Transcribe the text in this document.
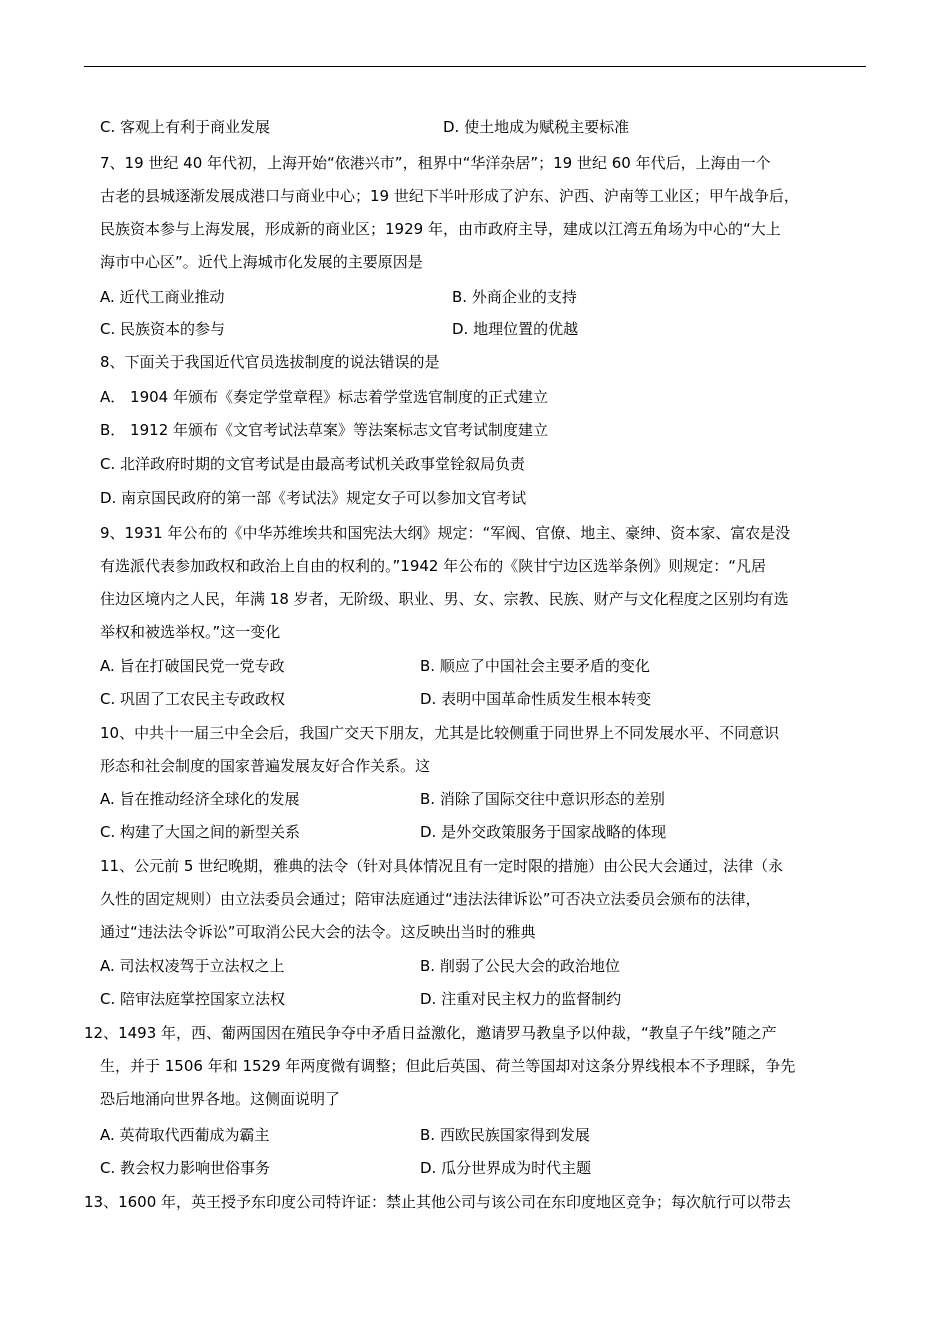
C. 客观上有利于商业发展	D. 使土地成为赋税主要标准
7、19 世纪 40 年代初，上海开始“依港兴市”，租界中“华洋杂居”；19 世纪 60 年代后，上海由一个
古老的县城逐渐发展成港口与商业中心；19 世纪下半叶形成了沪东、沪西、沪南等工业区；甲午战争后，
民族资本参与上海发展，形成新的商业区；1929 年，由市政府主导，建成以江湾五角场为中心的“大上
海市中心区”。近代上海城市化发展的主要原因是
A. 近代工商业推动	B. 外商企业的支持
C. 民族资本的参与	D. 地理位置的优越
8、下面关于我国近代官员选拔制度的说法错误的是
A． 1904 年颁布《奏定学堂章程》标志着学堂选官制度的正式建立
B． 1912 年颁布《文官考试法草案》等法案标志文官考试制度建立
C. 北洋政府时期的文官考试是由最高考试机关政事堂铨叙局负责
D. 南京国民政府的第一部《考试法》规定女子可以参加文官考试
9、1931 年公布的《中华苏维埃共和国宪法大纲》规定：“军阀、官僚、地主、豪绅、资本家、富农是没
有选派代表参加政权和政治上自由的权利的。”1942 年公布的《陕甘宁边区选举条例》则规定：“凡居
住边区境内之人民，年满 18 岁者，无阶级、职业、男、女、宗教、民族、财产与文化程度之区别均有选
举权和被选举权。”这一变化
A. 旨在打破国民党一党专政	B. 顺应了中国社会主要矛盾的变化
C. 巩固了工农民主专政政权	D. 表明中国革命性质发生根本转变
10、中共十一届三中全会后，我国广交天下朋友，尤其是比较侧重于同世界上不同发展水平、不同意识
形态和社会制度的国家普遍发展友好合作关系。这
A. 旨在推动经济全球化的发展	B. 消除了国际交往中意识形态的差别
C. 构建了大国之间的新型关系	D. 是外交政策服务于国家战略的体现
11、公元前 5 世纪晚期，雅典的法令（针对具体情况且有一定时限的措施）由公民大会通过，法律（永
久性的固定规则）由立法委员会通过；陪审法庭通过“违法法律诉讼”可否决立法委员会颁布的法律，
通过“违法法令诉讼”可取消公民大会的法令。这反映出当时的雅典
A. 司法权凌驾于立法权之上	B. 削弱了公民大会的政治地位
C. 陪审法庭掌控国家立法权	D. 注重对民主权力的监督制约
12、1493 年，西、葡两国因在殖民争夺中矛盾日益激化，邀请罗马教皇予以仲裁，“教皇子午线”随之产
生，并于 1506 年和 1529 年两度微有调整；但此后英国、荷兰等国却对这条分界线根本不予理睬，争先
恐后地涌向世界各地。这侧面说明了
A. 英荷取代西葡成为霸主	B. 西欧民族国家得到发展
C. 教会权力影响世俗事务	D. 瓜分世界成为时代主题
13、1600 年，英王授予东印度公司特许证：禁止其他公司与该公司在东印度地区竞争；每次航行可以带去
